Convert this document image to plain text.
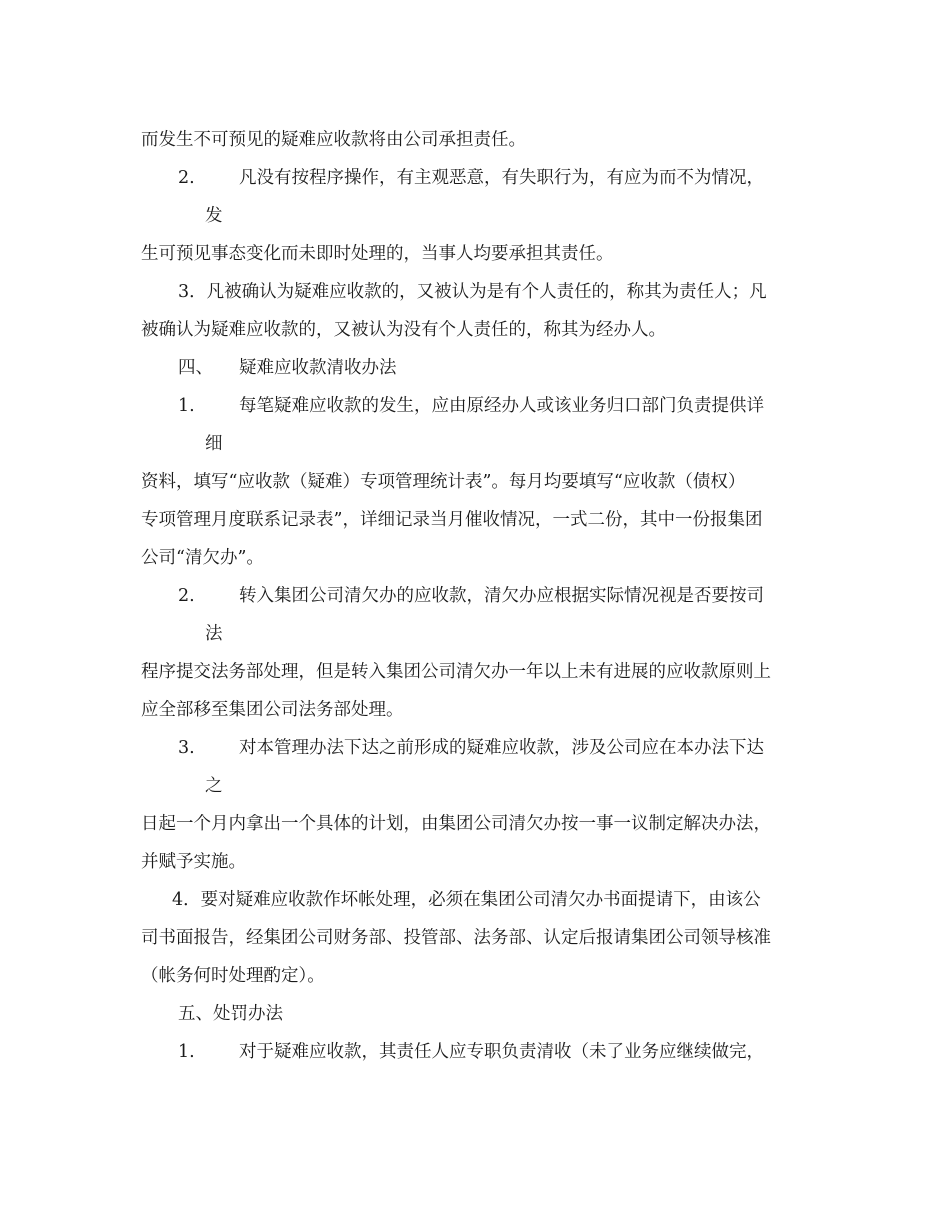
而发生不可预见的疑难应收款将由公司承担责任。
2.	凡没有按程序操作，有主观恶意，有失职行为，有应为而不为情况，
发
生可预见事态变化而未即时处理的，当事人均要承担其责任。
3．凡被确认为疑难应收款的，又被认为是有个人责任的，称其为责任人；凡
被确认为疑难应收款的，又被认为没有个人责任的，称其为经办人。
四、 疑难应收款清收办法
1.	每笔疑难应收款的发生，应由原经办人或该业务归口部门负责提供详
细
资料，填写“应收款（疑难）专项管理统计表”。每月均要填写“应收款（债权）
专项管理月度联系记录表”，详细记录当月催收情况，一式二份，其中一份报集团
公司“清欠办”。
2.	转入集团公司清欠办的应收款，清欠办应根据实际情况视是否要按司
法
程序提交法务部处理，但是转入集团公司清欠办一年以上未有进展的应收款原则上
应全部移至集团公司法务部处理。
3.	对本管理办法下达之前形成的疑难应收款，涉及公司应在本办法下达
之
日起一个月内拿出一个具体的计划，由集团公司清欠办按一事一议制定解决办法，
并赋予实施。
4．要对疑难应收款作坏帐处理，必须在集团公司清欠办书面提请下，由该公
司书面报告，经集团公司财务部、投管部、法务部、认定后报请集团公司领导核准
（帐务何时处理酌定）。
五、处罚办法
1.	对于疑难应收款，其责任人应专职负责清收（未了业务应继续做完，
